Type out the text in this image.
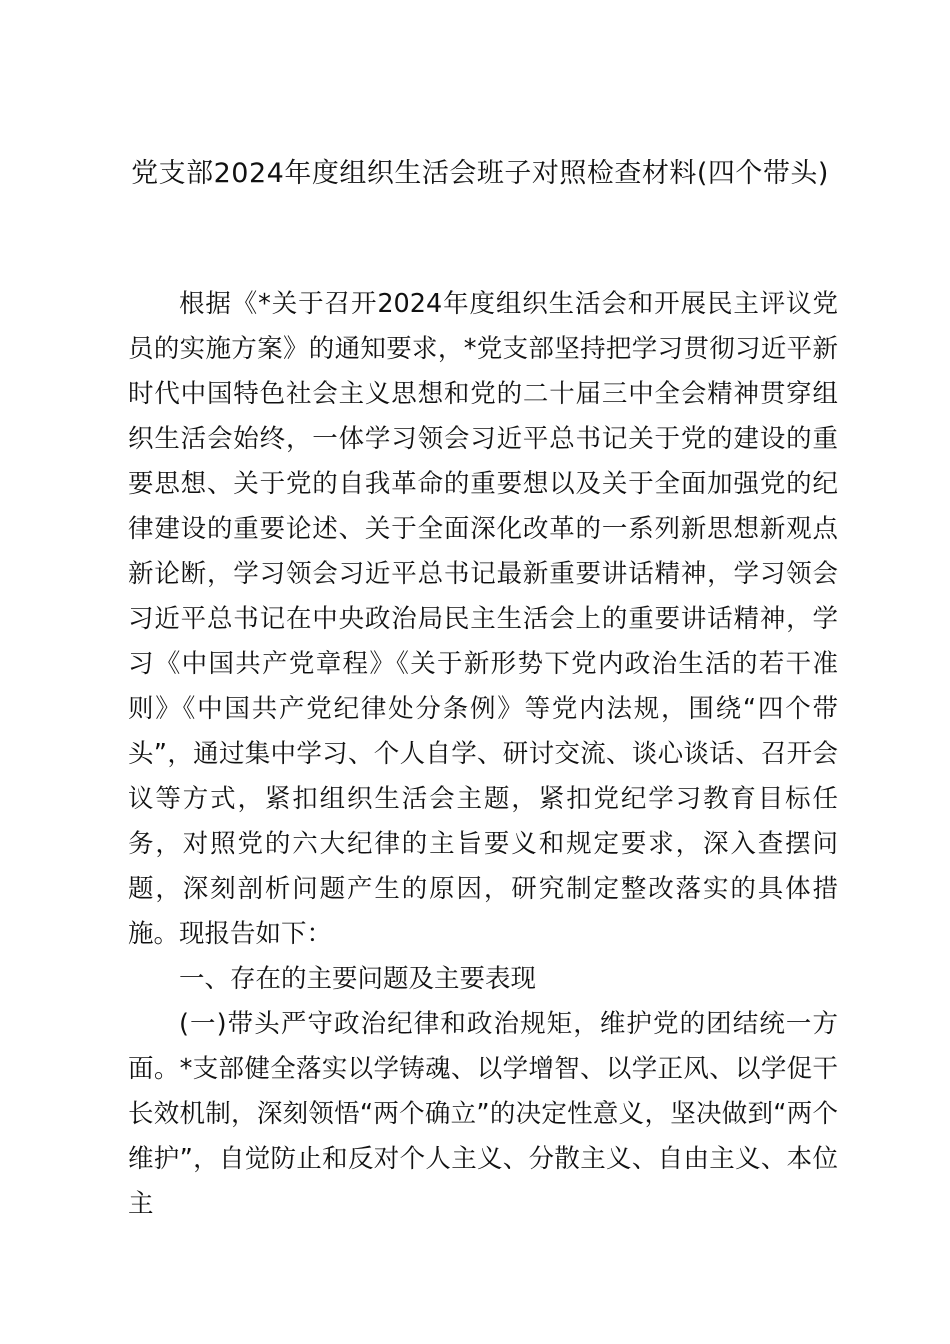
党支部2024年度组织生活会班子对照检查材料(四个带头)

根据《*关于召开2024年度组织生活会和开展民主评议党员的实施方案》的通知要求，*党支部坚持把学习贯彻习近平新时代中国特色社会主义思想和党的二十届三中全会精神贯穿组织生活会始终，一体学习领会习近平总书记关于党的建设的重要思想、关于党的自我革命的重要想以及关于全面加强党的纪律建设的重要论述、关于全面深化改革的一系列新思想新观点新论断，学习领会习近平总书记最新重要讲话精神，学习领会习近平总书记在中央政治局民主生活会上的重要讲话精神，学习《中国共产党章程》《关于新形势下党内政治生活的若干准则》《中国共产党纪律处分条例》等党内法规，围绕“四个带头”，通过集中学习、个人自学、研讨交流、谈心谈话、召开会议等方式，紧扣组织生活会主题，紧扣党纪学习教育目标任务，对照党的六大纪律的主旨要义和规定要求，深入查摆问题，深刻剖析问题产生的原因，研究制定整改落实的具体措施。现报告如下：

一、存在的主要问题及主要表现

(一)带头严守政治纪律和政治规矩，维护党的团结统一方面。*支部健全落实以学铸魂、以学增智、以学正风、以学促干长效机制，深刻领悟“两个确立”的决定性意义，坚决做到“两个维护”，自觉防止和反对个人主义、分散主义、自由主义、本位主
